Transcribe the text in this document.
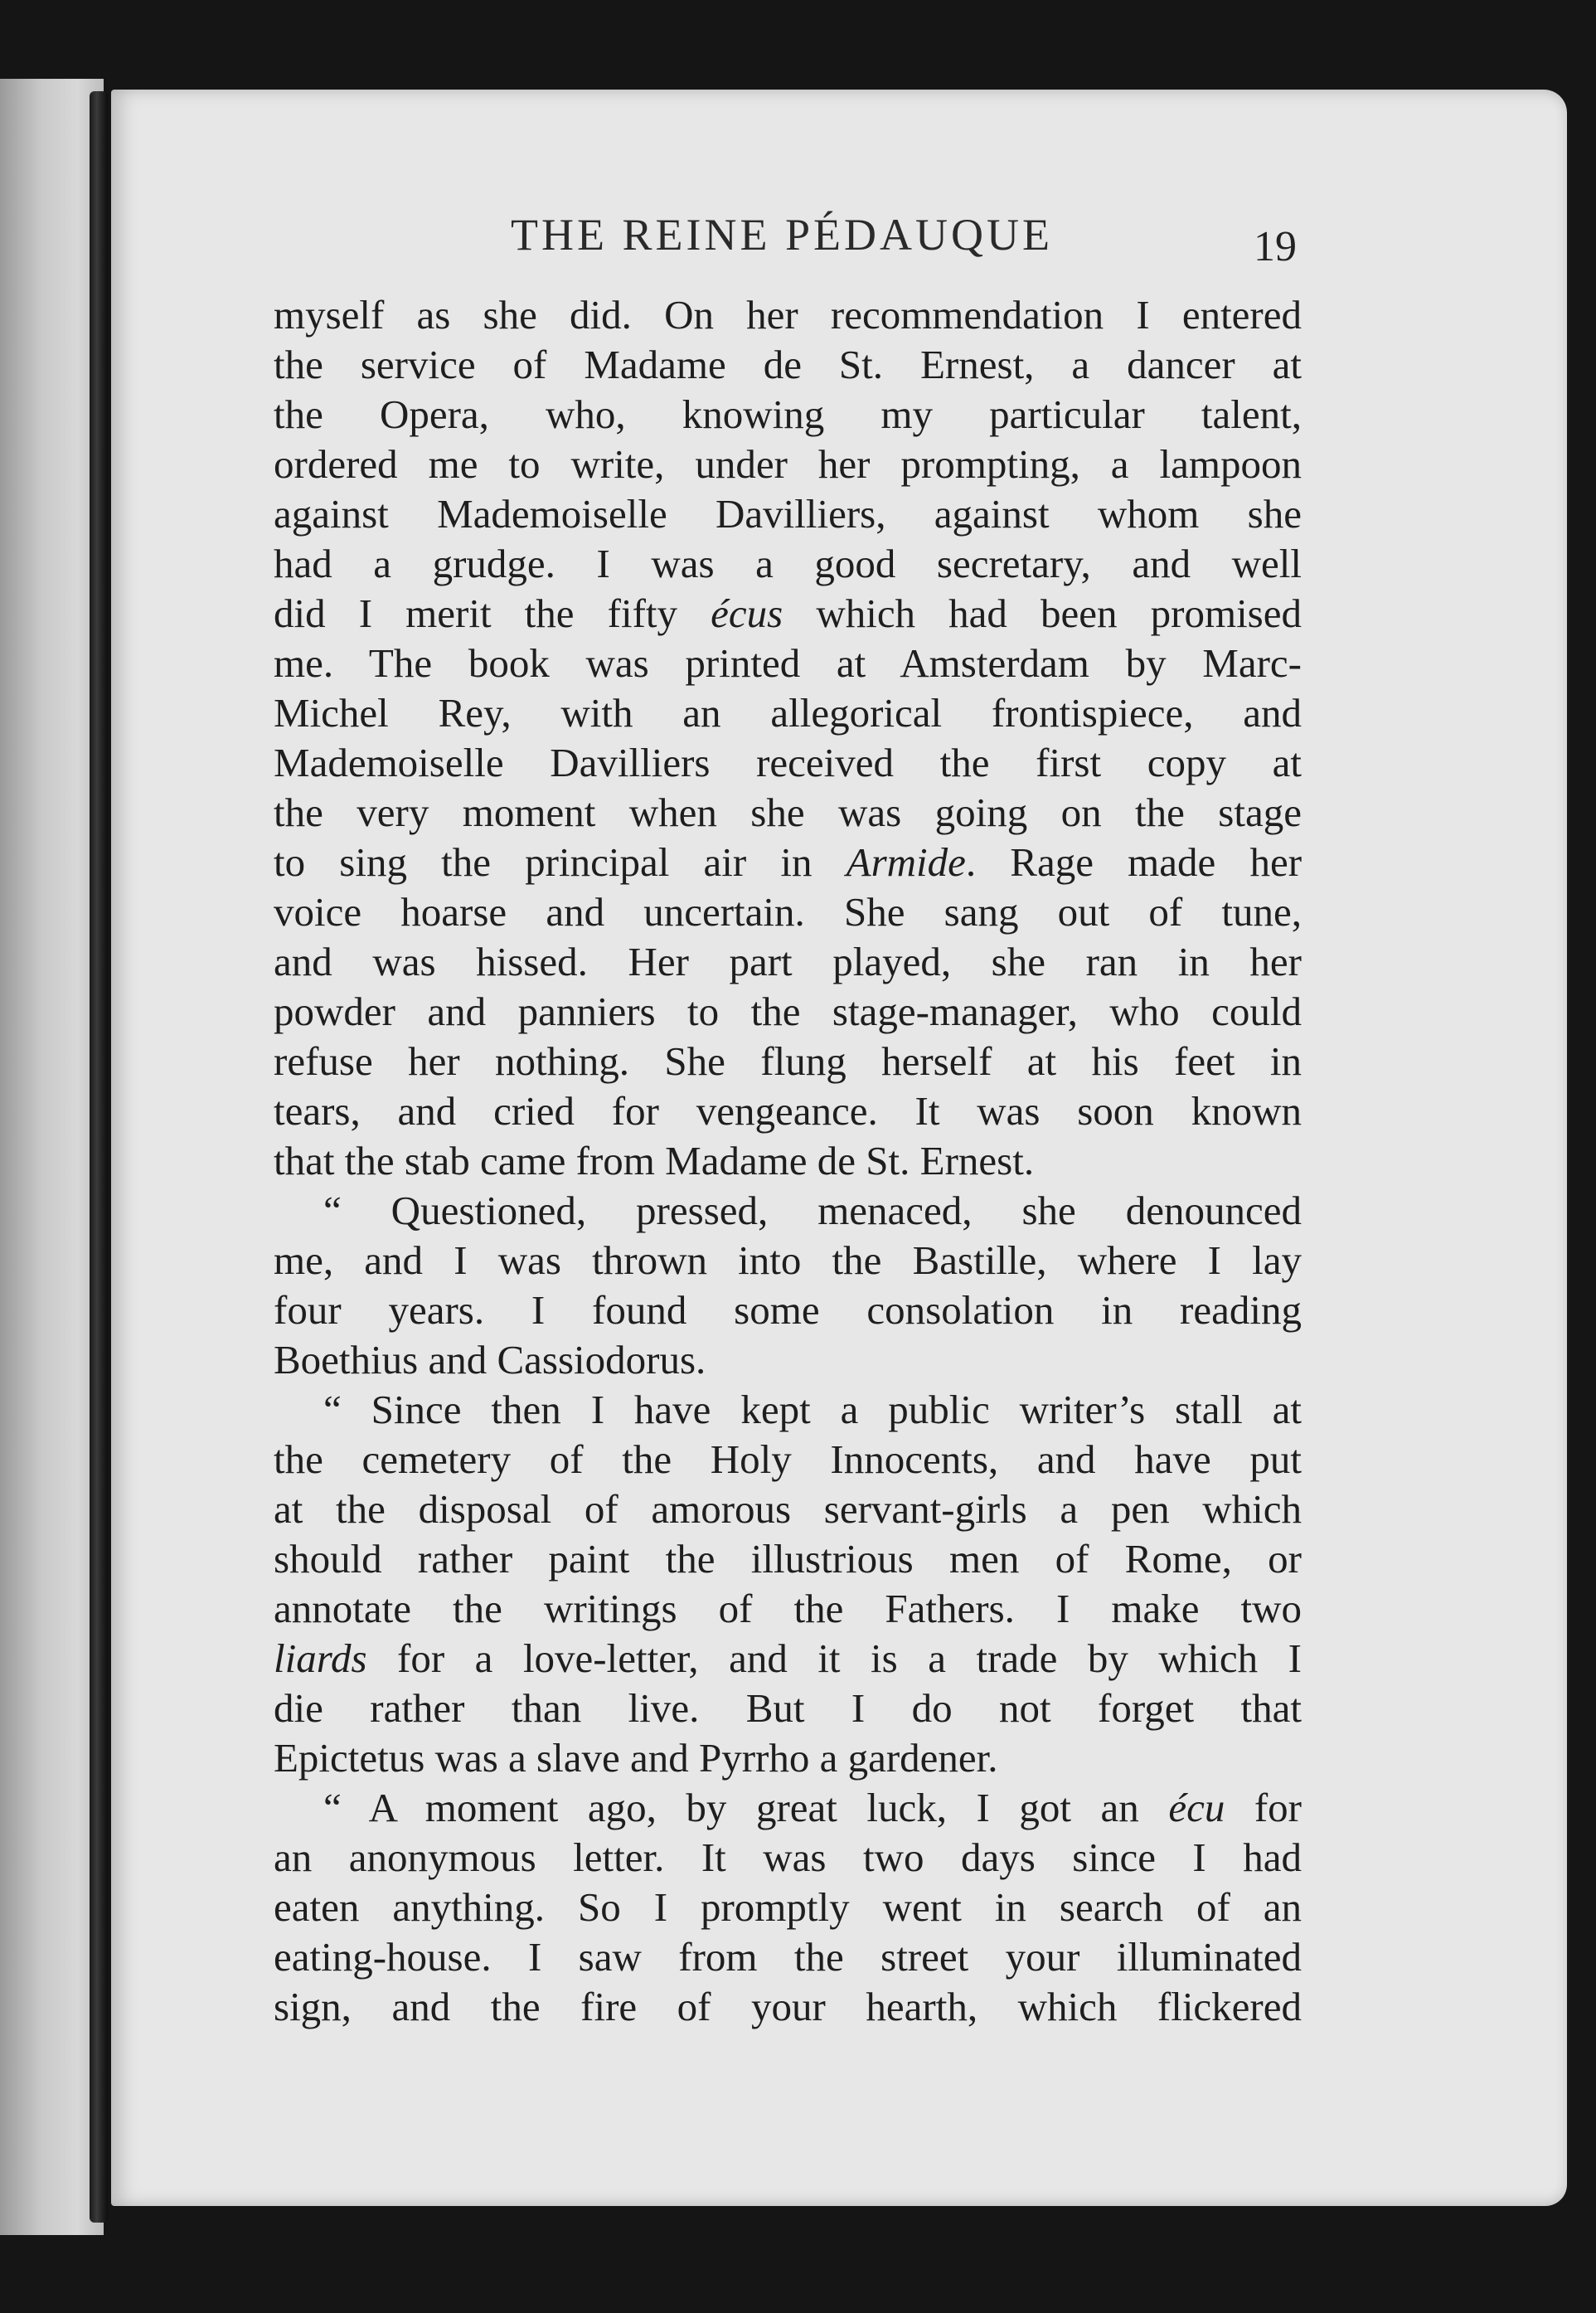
THE REINE PÉDAUQUE	19
myself as she did. On her recommendation I entered
the service of Madame de St. Ernest, a dancer at
the Opera, who, knowing my particular talent,
ordered me to write, under her prompting, a lampoon
against Mademoiselle Davilliers, against whom she
had a grudge. I was a good secretary, and well
did I merit the fifty écus which had been promised
me. The book was printed at Amsterdam by Marc-
Michel Rey, with an allegorical frontispiece, and
Mademoiselle Davilliers received the first copy at
the very moment when she was going on the stage
to sing the principal air in Armide. Rage made her
voice hoarse and uncertain. She sang out of tune,
and was hissed. Her part played, she ran in her
powder and panniers to the stage-manager, who could
refuse her nothing. She flung herself at his feet in
tears, and cried for vengeance. It was soon known
that the stab came from Madame de St. Ernest.
“ Questioned, pressed, menaced, she denounced
me, and I was thrown into the Bastille, where I lay
four years. I found some consolation in reading
Boethius and Cassiodorus.
“ Since then I have kept a public writer’s stall at
the cemetery of the Holy Innocents, and have put
at the disposal of amorous servant-girls a pen which
should rather paint the illustrious men of Rome, or
annotate the writings of the Fathers. I make two
liards for a love-letter, and it is a trade by which I
die rather than live. But I do not forget that
Epictetus was a slave and Pyrrho a gardener.
“ A moment ago, by great luck, I got an écu for
an anonymous letter. It was two days since I had
eaten anything. So I promptly went in search of an
eating-house. I saw from the street your illuminated
sign, and the fire of your hearth, which flickered
